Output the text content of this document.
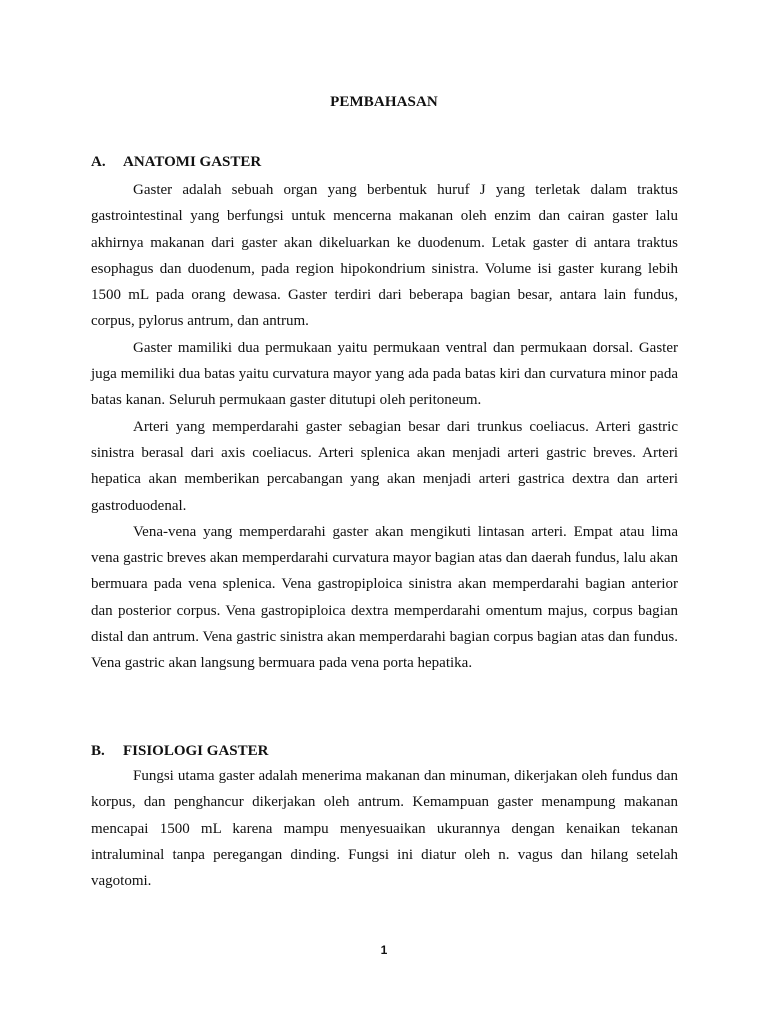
PEMBAHASAN
A. ANATOMI GASTER

Gaster adalah sebuah organ yang berbentuk huruf J yang terletak dalam traktus gastrointestinal yang berfungsi untuk mencerna makanan oleh enzim dan cairan gaster lalu akhirnya makanan dari gaster akan dikeluarkan ke duodenum. Letak gaster di antara traktus esophagus dan duodenum, pada region hipokondrium sinistra. Volume isi gaster kurang lebih 1500 mL pada orang dewasa. Gaster terdiri dari beberapa bagian besar, antara lain fundus, corpus, pylorus antrum, dan antrum.

Gaster mamiliki dua permukaan yaitu permukaan ventral dan permukaan dorsal. Gaster juga memiliki dua batas yaitu curvatura mayor yang ada pada batas kiri dan curvatura minor pada batas kanan. Seluruh permukaan gaster ditutupi oleh peritoneum.

Arteri yang memperdarahi gaster sebagian besar dari trunkus coeliacus. Arteri gastric sinistra berasal dari axis coeliacus. Arteri splenica akan menjadi arteri gastric breves. Arteri hepatica akan memberikan percabangan yang akan menjadi arteri gastrica dextra dan arteri gastroduodenal.

Vena-vena yang memperdarahi gaster akan mengikuti lintasan arteri. Empat atau lima vena gastric breves akan memperdarahi curvatura mayor bagian atas dan daerah fundus, lalu akan bermuara pada vena splenica. Vena gastropiploica sinistra akan memperdarahi bagian anterior dan posterior corpus. Vena gastropiploica dextra memperdarahi omentum majus, corpus bagian distal dan antrum. Vena gastric sinistra akan memperdarahi bagian corpus bagian atas dan fundus. Vena gastric akan langsung bermuara pada vena porta hepatika.

B. FISIOLOGI GASTER

Fungsi utama gaster adalah menerima makanan dan minuman, dikerjakan oleh fundus dan korpus, dan penghancur dikerjakan oleh antrum. Kemampuan gaster menampung makanan mencapai 1500 mL karena mampu menyesuaikan ukurannya dengan kenaikan tekanan intraluminal tanpa peregangan dinding. Fungsi ini diatur oleh n. vagus dan hilang setelah vagotomi.

1
